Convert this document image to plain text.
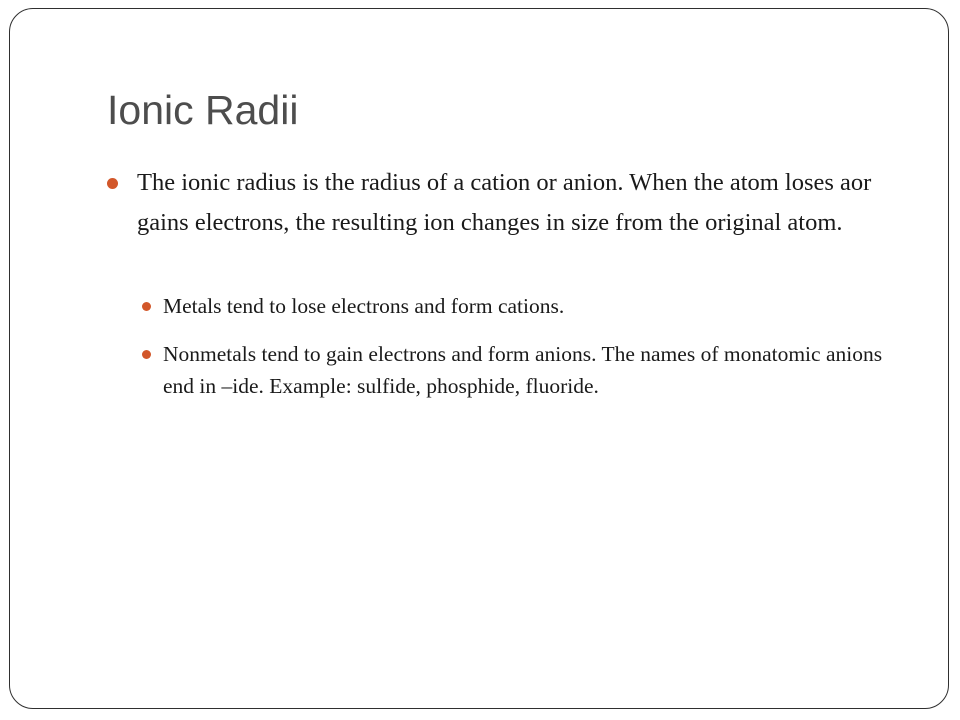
Ionic Radii
The ionic radius is the radius of a cation or anion. When the atom loses aor gains electrons, the resulting ion changes in size from the original atom.
Metals tend to lose electrons and form cations.
Nonmetals tend to gain electrons and form anions. The names of monatomic anions end in –ide. Example: sulfide, phosphide, fluoride.
